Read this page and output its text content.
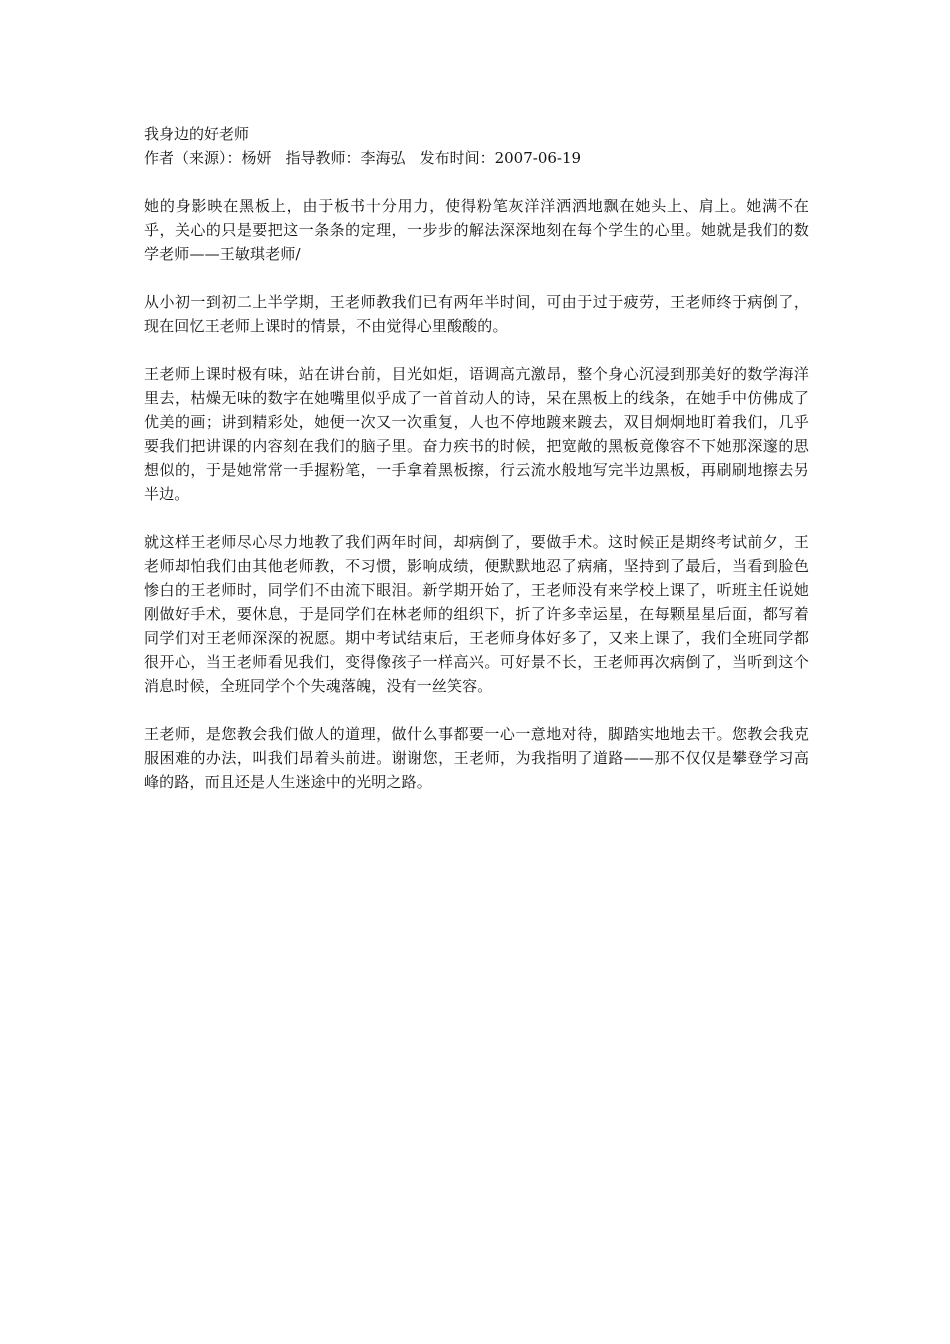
我身边的好老师

作者（来源）：杨妍 指导教师：李海弘 发布时间：2007-06-19

她的身影映在黑板上，由于板书十分用力，使得粉笔灰洋洋洒洒地飘在她头上、肩上。她满不在乎，关心的只是要把这一条条的定理，一步步的解法深深地刻在每个学生的心里。她就是我们的数学老师——王敏琪老师/

从小初一到初二上半学期，王老师教我们已有两年半时间，可由于过于疲劳，王老师终于病倒了，现在回忆王老师上课时的情景，不由觉得心里酸酸的。

王老师上课时极有味，站在讲台前，目光如炬，语调高亢激昂，整个身心沉浸到那美好的数学海洋里去，枯燥无味的数字在她嘴里似乎成了一首首动人的诗，呆在黑板上的线条，在她手中仿佛成了优美的画；讲到精彩处，她便一次又一次重复，人也不停地踱来踱去，双目炯炯地盯着我们，几乎要我们把讲课的内容刻在我们的脑子里。奋力疾书的时候，把宽敞的黑板竟像容不下她那深邃的思想似的，于是她常常一手握粉笔，一手拿着黑板擦，行云流水般地写完半边黑板，再刷刷地擦去另半边。

就这样王老师尽心尽力地教了我们两年时间，却病倒了，要做手术。这时候正是期终考试前夕，王老师却怕我们由其他老师教，不习惯，影响成绩，便默默地忍了病痛，坚持到了最后，当看到脸色惨白的王老师时，同学们不由流下眼泪。新学期开始了，王老师没有来学校上课了，听班主任说她刚做好手术，要休息，于是同学们在林老师的组织下，折了许多幸运星，在每颗星星后面，都写着同学们对王老师深深的祝愿。期中考试结束后，王老师身体好多了，又来上课了，我们全班同学都很开心，当王老师看见我们，变得像孩子一样高兴。可好景不长，王老师再次病倒了，当听到这个消息时候，全班同学个个失魂落魄，没有一丝笑容。

王老师，是您教会我们做人的道理，做什么事都要一心一意地对待，脚踏实地地去干。您教会我克服困难的办法，叫我们昂着头前进。谢谢您，王老师，为我指明了道路——那不仅仅是攀登学习高峰的路，而且还是人生迷途中的光明之路。
